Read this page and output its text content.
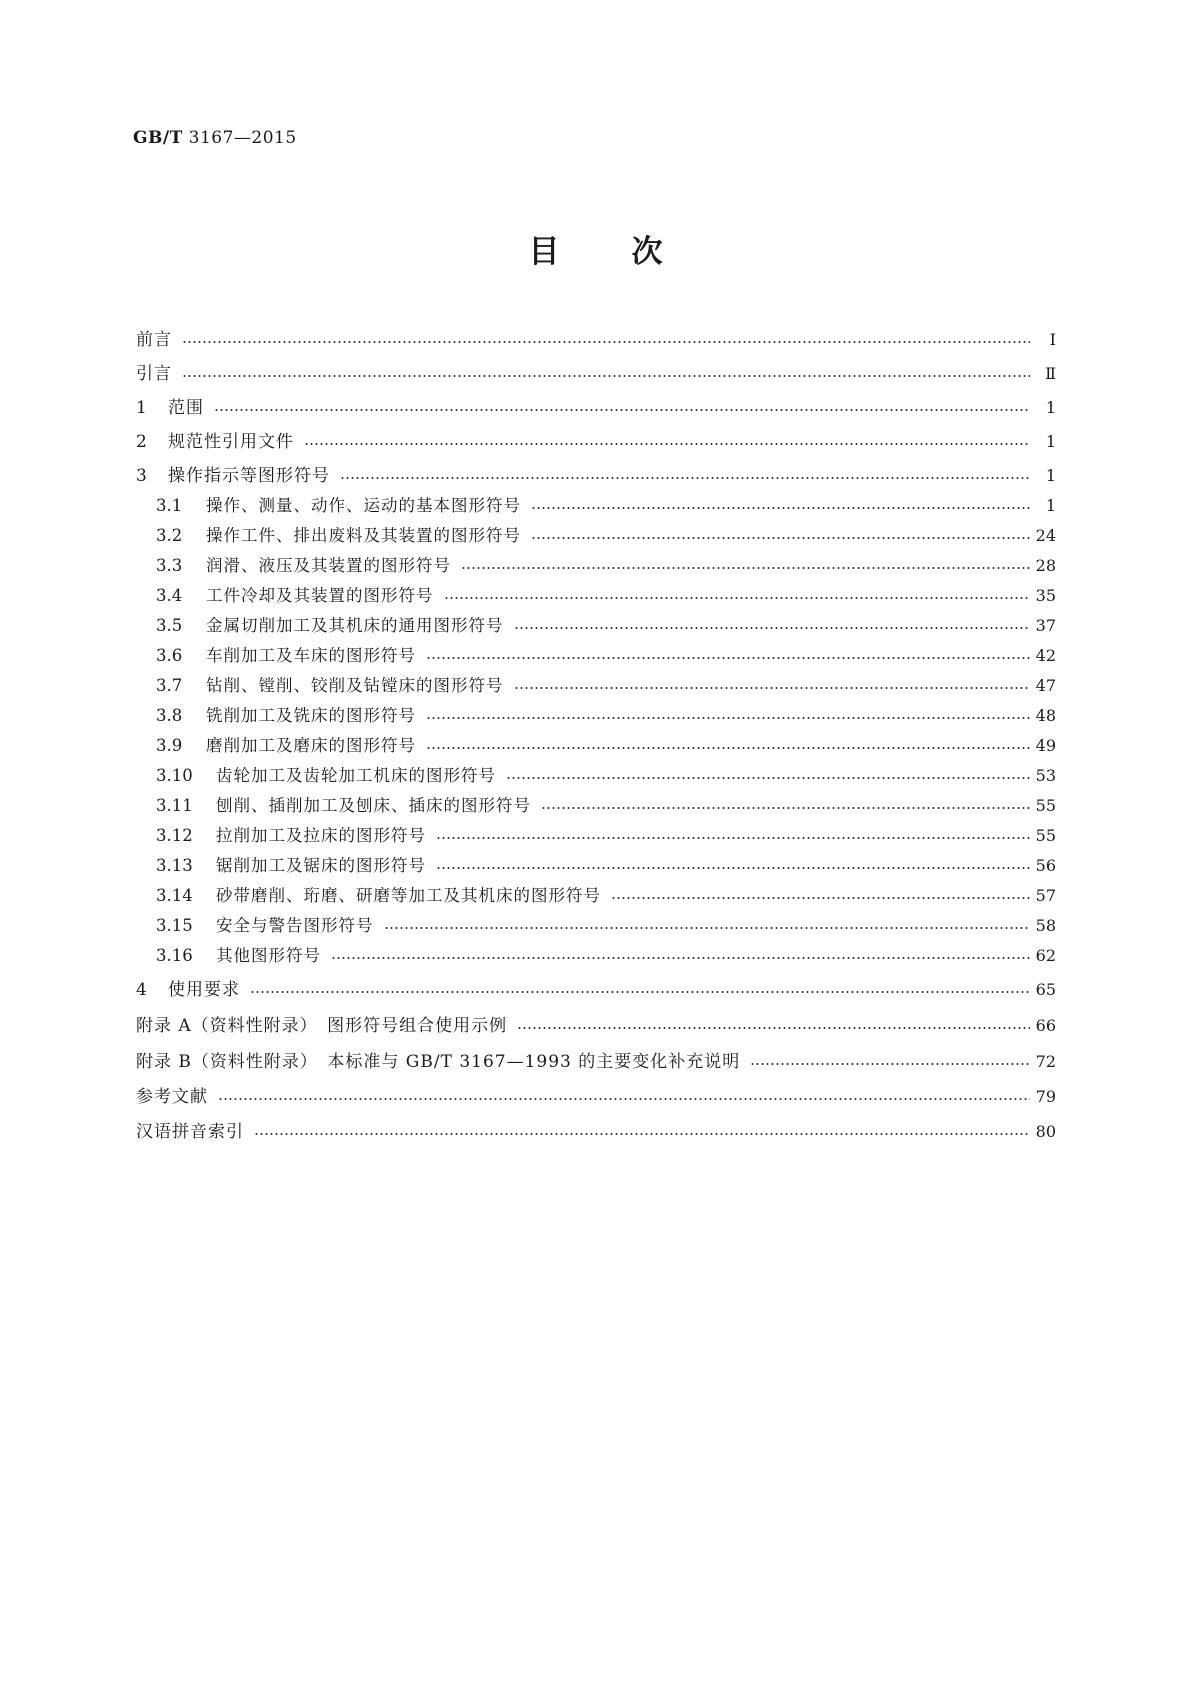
GB/T 3167—2015
目次
前言	Ⅰ
引言	Ⅱ
1	范围	1
2	规范性引用文件	1
3	操作指示等图形符号	1
3.1	操作、测量、动作、运动的基本图形符号	1
3.2	操作工件、排出废料及其装置的图形符号	24
3.3	润滑、液压及其装置的图形符号	28
3.4	工件冷却及其装置的图形符号	35
3.5	金属切削加工及其机床的通用图形符号	37
3.6	车削加工及车床的图形符号	42
3.7	钻削、镗削、铰削及钻镗床的图形符号	47
3.8	铣削加工及铣床的图形符号	48
3.9	磨削加工及磨床的图形符号	49
3.10	齿轮加工及齿轮加工机床的图形符号	53
3.11	刨削、插削加工及刨床、插床的图形符号	55
3.12	拉削加工及拉床的图形符号	55
3.13	锯削加工及锯床的图形符号	56
3.14	砂带磨削、珩磨、研磨等加工及其机床的图形符号	57
3.15	安全与警告图形符号	58
3.16	其他图形符号	62
4	使用要求	65
附录 A（资料性附录）　图形符号组合使用示例	66
附录 B（资料性附录）　本标准与 GB/T 3167—1993 的主要变化补充说明	72
参考文献	79
汉语拼音索引	80
